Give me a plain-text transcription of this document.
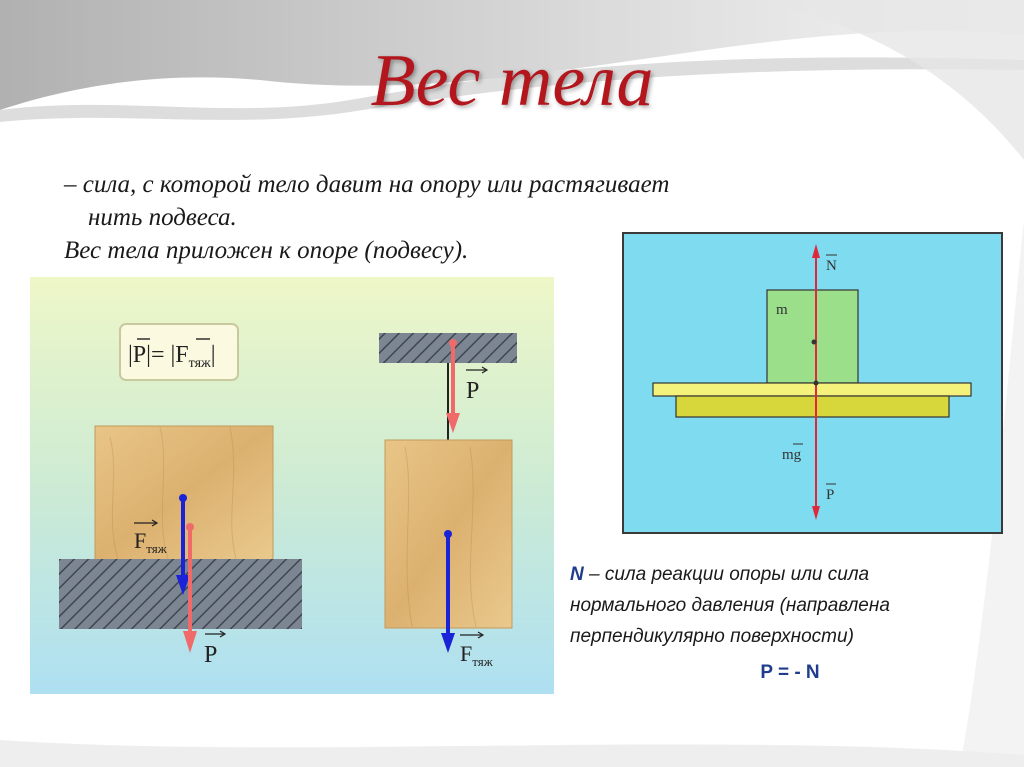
Вес тела
– сила, с которой тело давит на опору или растягивает
нить подвеса.
Вес тела приложен к опоре (подвесу).
$|P|= |F_{тяж}|$
$F_{тяж}$
P
P
$F_{тяж}$
N
m
mg
P
N – сила реакции опоры или сила
нормального давления (направлена
перпендикулярно поверхности)
P = - N
